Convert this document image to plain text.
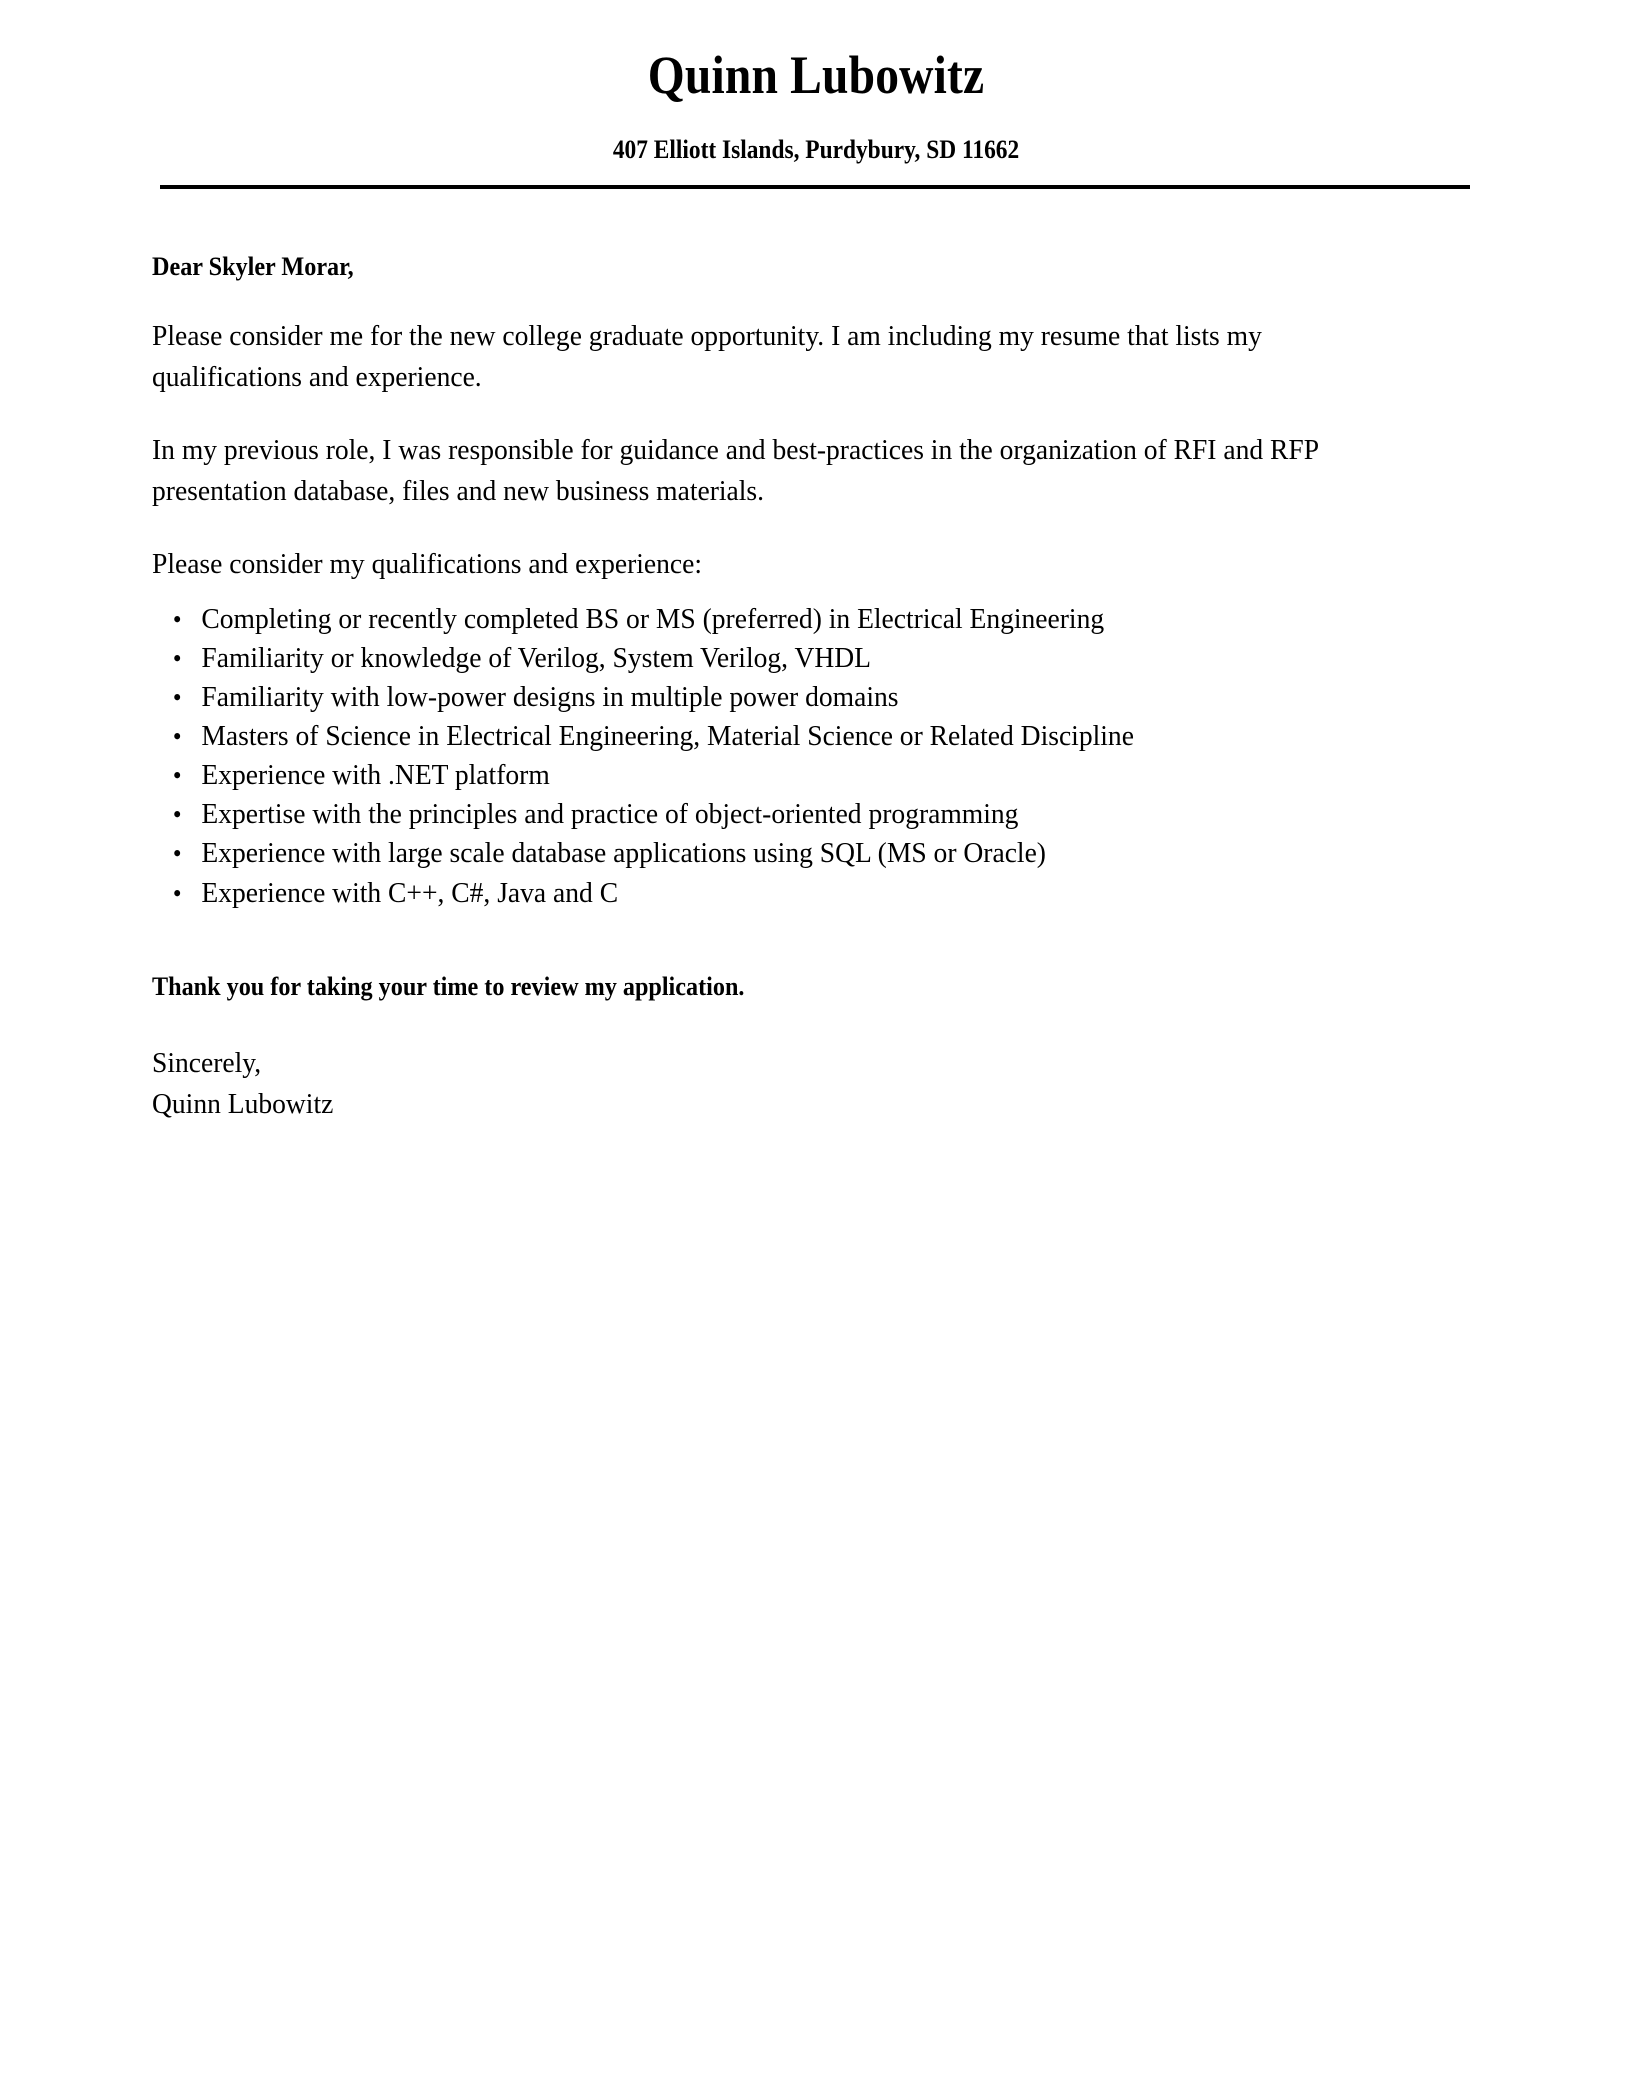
Quinn Lubowitz
407 Elliott Islands, Purdybury, SD 11662
Dear Skyler Morar,

Please consider me for the new college graduate opportunity. I am including my resume that lists my qualifications and experience.

In my previous role, I was responsible for guidance and best-practices in the organization of RFI and RFP presentation database, files and new business materials.

Please consider my qualifications and experience:

• Completing or recently completed BS or MS (preferred) in Electrical Engineering
• Familiarity or knowledge of Verilog, System Verilog, VHDL
• Familiarity with low-power designs in multiple power domains
• Masters of Science in Electrical Engineering, Material Science or Related Discipline
• Experience with .NET platform
• Expertise with the principles and practice of object-oriented programming
• Experience with large scale database applications using SQL (MS or Oracle)
• Experience with C++, C#, Java and C
Thank you for taking your time to review my application.
Sincerely,
Quinn Lubowitz
